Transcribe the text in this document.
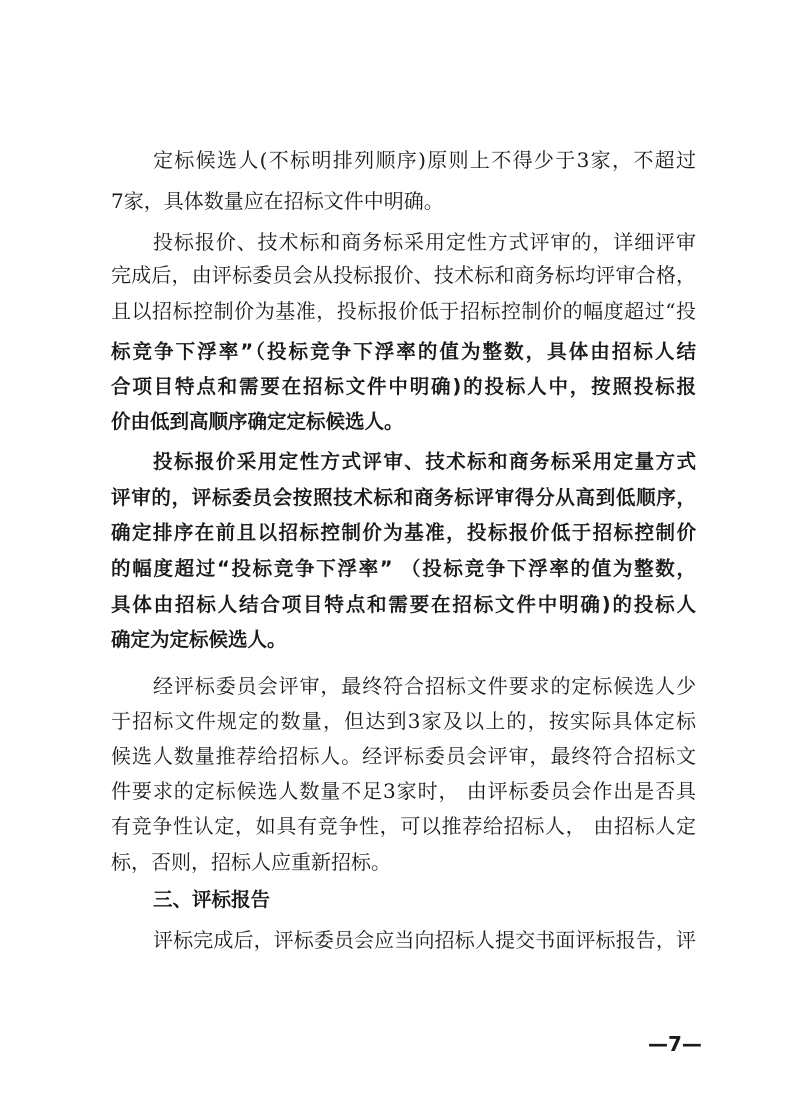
定标候选人(不标明排列顺序)原则上不得少于3家，不超过
7家，具体数量应在招标文件中明确。
投标报价、技术标和商务标采用定性方式评审的，详细评审
完成后，由评标委员会从投标报价、技术标和商务标均评审合格，
且以招标控制价为基准，投标报价低于招标控制价的幅度超过“投
标竞争下浮率”（投标竞争下浮率的值为整数，具体由招标人结
合项目特点和需要在招标文件中明确)的投标人中，按照投标报
价由低到高顺序确定定标候选人。
投标报价采用定性方式评审、技术标和商务标采用定量方式
评审的，评标委员会按照技术标和商务标评审得分从高到低顺序，
确定排序在前且以招标控制价为基准，投标报价低于招标控制价
的幅度超过“投标竞争下浮率” （投标竞争下浮率的值为整数，
具体由招标人结合项目特点和需要在招标文件中明确)的投标人
确定为定标候选人。
经评标委员会评审，最终符合招标文件要求的定标候选人少
于招标文件规定的数量，但达到3家及以上的，按实际具体定标
候选人数量推荐给招标人。经评标委员会评审，最终符合招标文
件要求的定标候选人数量不足3家时， 由评标委员会作出是否具
有竞争性认定，如具有竞争性，可以推荐给招标人， 由招标人定
标，否则，招标人应重新招标。
三、评标报告
评标完成后，评标委员会应当向招标人提交书面评标报告，评
—7—
